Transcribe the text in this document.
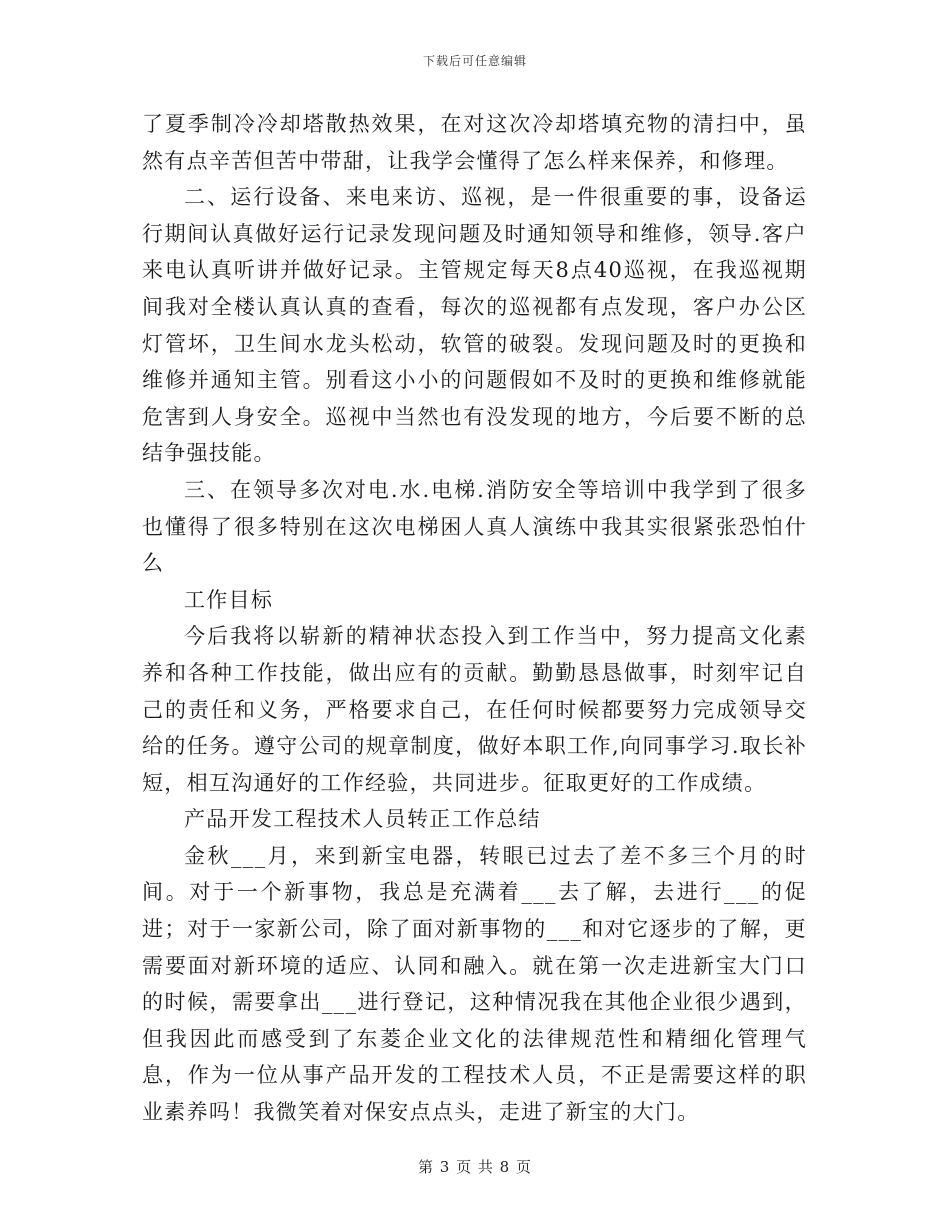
下载后可任意编辑

了夏季制冷冷却塔散热效果，在对这次冷却塔填充物的清扫中，虽然有点辛苦但苦中带甜，让我学会懂得了怎么样来保养，和修理。

二、运行设备、来电来访、巡视，是一件很重要的事，设备运行期间认真做好运行记录发现问题及时通知领导和维修，领导.客户来电认真听讲并做好记录。主管规定每天8点40巡视，在我巡视期间我对全楼认真认真的查看，每次的巡视都有点发现，客户办公区灯管坏，卫生间水龙头松动，软管的破裂。发现问题及时的更换和维修并通知主管。别看这小小的问题假如不及时的更换和维修就能危害到人身安全。巡视中当然也有没发现的地方，今后要不断的总结争强技能。

三、在领导多次对电.水.电梯.消防安全等培训中我学到了很多也懂得了很多特别在这次电梯困人真人演练中我其实很紧张恐怕什么

工作目标

今后我将以崭新的精神状态投入到工作当中，努力提高文化素养和各种工作技能，做出应有的贡献。勤勤恳恳做事，时刻牢记自己的责任和义务，严格要求自己，在任何时候都要努力完成领导交给的任务。遵守公司的规章制度，做好本职工作,向同事学习.取长补短，相互沟通好的工作经验，共同进步。征取更好的工作成绩。

产品开发工程技术人员转正工作总结

金秋___月，来到新宝电器，转眼已过去了差不多三个月的时间。对于一个新事物，我总是充满着___去了解，去进行___的促进；对于一家新公司，除了面对新事物的___和对它逐步的了解，更需要面对新环境的适应、认同和融入。就在第一次走进新宝大门口的时候，需要拿出___进行登记，这种情况我在其他企业很少遇到，但我因此而感受到了东菱企业文化的法律规范性和精细化管理气息，作为一位从事产品开发的工程技术人员，不正是需要这样的职业素养吗！我微笑着对保安点点头，走进了新宝的大门。

第 3 页 共 8 页
